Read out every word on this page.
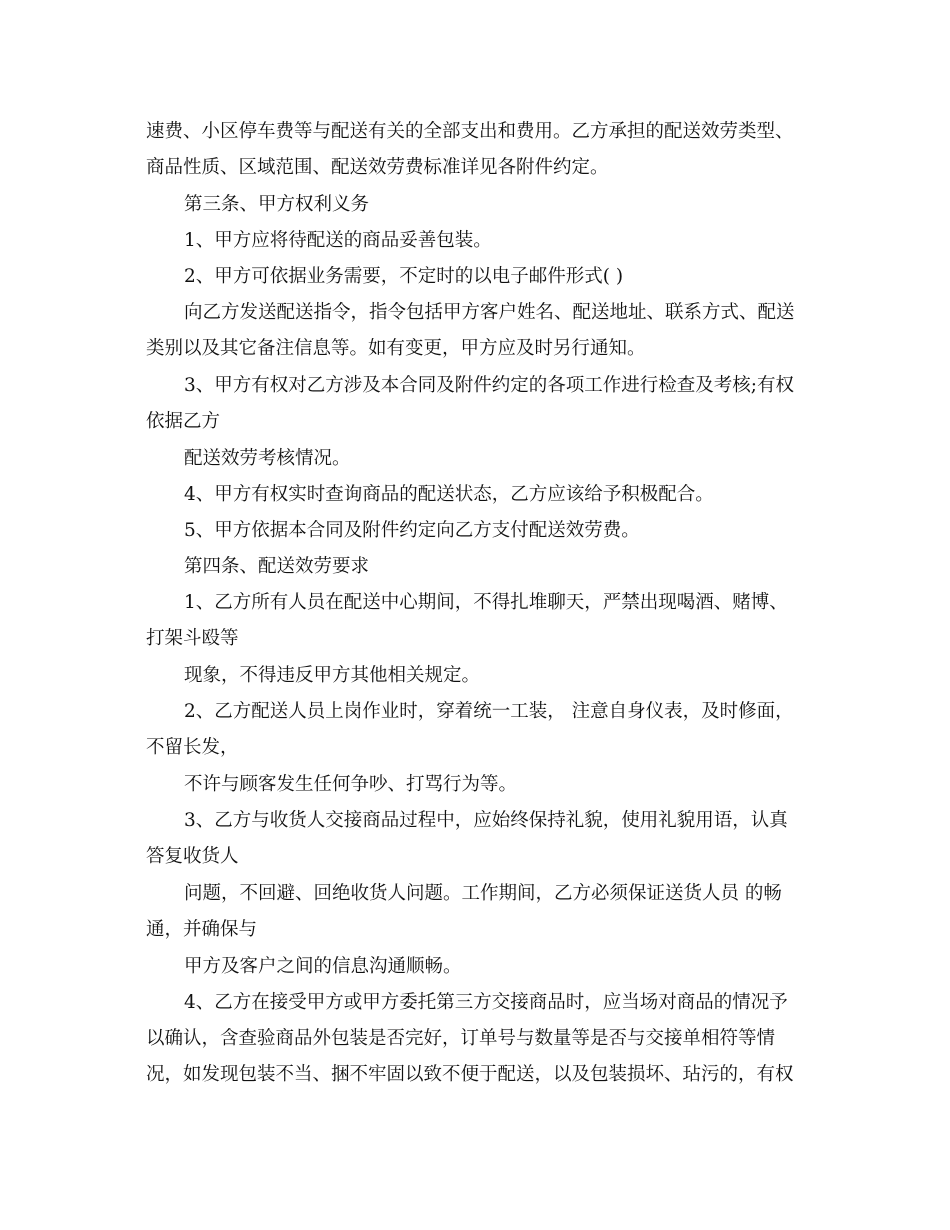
速费、小区停车费等与配送有关的全部支出和费用。乙方承担的配送效劳类型、
商品性质、区域范围、配送效劳费标准详见各附件约定。

第三条、甲方权利义务

1、甲方应将待配送的商品妥善包装。

2、甲方可依据业务需要，不定时的以电子邮件形式( )

向乙方发送配送指令，指令包括甲方客户姓名、配送地址、联系方式、配送
类别以及其它备注信息等。如有变更，甲方应及时另行通知。

3、甲方有权对乙方涉及本合同及附件约定的各项工作进行检查及考核;有权
依据乙方

配送效劳考核情况。

4、甲方有权实时查询商品的配送状态，乙方应该给予积极配合。

5、甲方依据本合同及附件约定向乙方支付配送效劳费。

第四条、配送效劳要求

1、乙方所有人员在配送中心期间，不得扎堆聊天，严禁出现喝酒、赌博、
打架斗殴等

现象，不得违反甲方其他相关规定。

2、乙方配送人员上岗作业时，穿着统一工装， 注意自身仪表，及时修面，
不留长发，

不许与顾客发生任何争吵、打骂行为等。

3、乙方与收货人交接商品过程中，应始终保持礼貌，使用礼貌用语，认真
答复收货人

问题，不回避、回绝收货人问题。工作期间，乙方必须保证送货人员 的畅
通，并确保与

甲方及客户之间的信息沟通顺畅。

4、乙方在接受甲方或甲方委托第三方交接商品时，应当场对商品的情况予
以确认，含查验商品外包装是否完好，订单号与数量等是否与交接单相符等情
况，如发现包装不当、捆不牢固以致不便于配送，以及包装损坏、玷污的，有权
